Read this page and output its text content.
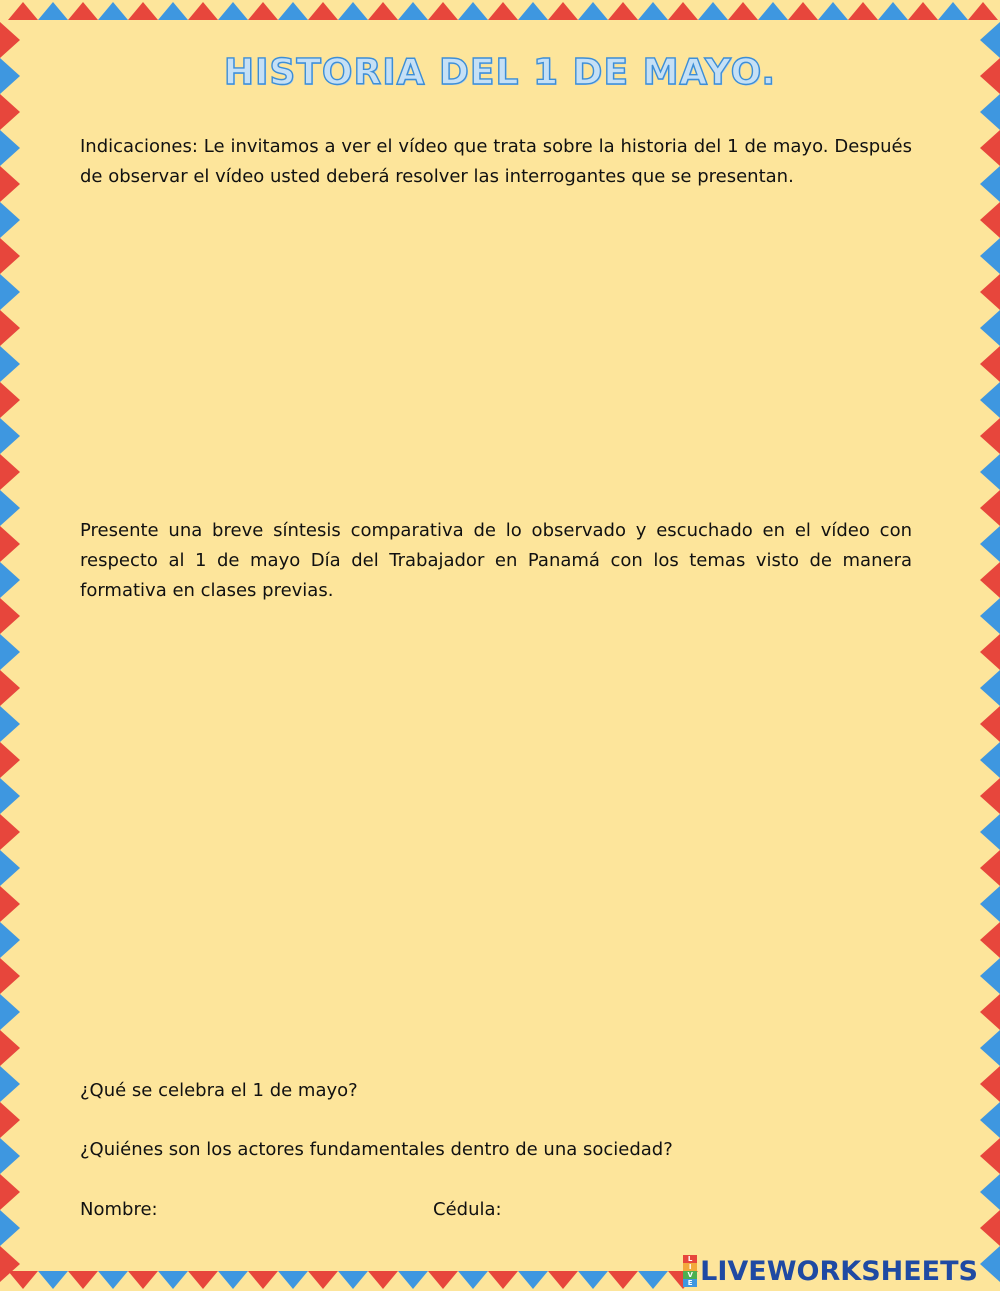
HISTORIA DEL 1 DE MAYO.

Indicaciones: Le invitamos a ver el vídeo que trata sobre la historia del 1 de mayo. Después de observar el vídeo usted deberá resolver las interrogantes que se presentan.

Presente una breve síntesis comparativa de lo observado y escuchado en el vídeo con respecto al 1 de mayo Día del Trabajador en Panamá con los temas visto de manera formativa en clases previas.

¿Qué se celebra el 1 de mayo?
¿Quiénes son los actores fundamentales dentro de una sociedad?
Nombre:	Cédula:
L
I
V
E LIVEWORKSHEETS
